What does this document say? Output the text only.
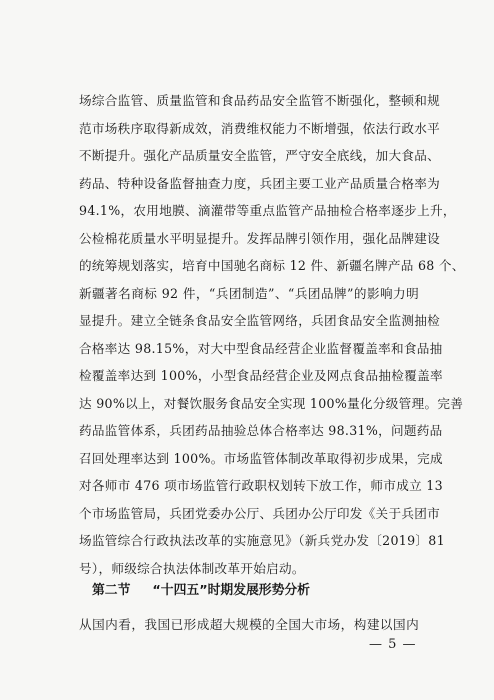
场综合监管、质量监管和食品药品安全监管不断强化，整顿和规
范市场秩序取得新成效，消费维权能力不断增强，依法行政水平
不断提升。强化产品质量安全监管，严守安全底线，加大食品、
药品、特种设备监督抽查力度，兵团主要工业产品质量合格率为
94.1%，农用地膜、滴灌带等重点监管产品抽检合格率逐步上升，
公检棉花质量水平明显提升。发挥品牌引领作用，强化品牌建设
的统筹规划落实，培育中国驰名商标 12 件、新疆名牌产品 68 个、
新疆著名商标 92 件，“兵团制造”、“兵团品牌”的影响力明
显提升。建立全链条食品安全监管网络，兵团食品安全监测抽检
合格率达 98.15%，对大中型食品经营企业监督覆盖率和食品抽
检覆盖率达到 100%，小型食品经营企业及网点食品抽检覆盖率
达 90%以上，对餐饮服务食品安全实现 100%量化分级管理。完善
药品监管体系，兵团药品抽验总体合格率达 98.31%，问题药品
召回处理率达到 100%。市场监管体制改革取得初步成果，完成
对各师市 476 项市场监管行政职权划转下放工作，师市成立 13
个市场监管局，兵团党委办公厅、兵团办公厅印发《关于兵团市
场监管综合行政执法改革的实施意见》（新兵党办发〔2019〕81
号），师级综合执法体制改革开始启动。
第二节 “十四五”时期发展形势分析
从国内看，我国已形成超大规模的全国大市场，构建以国内
— 5 —
